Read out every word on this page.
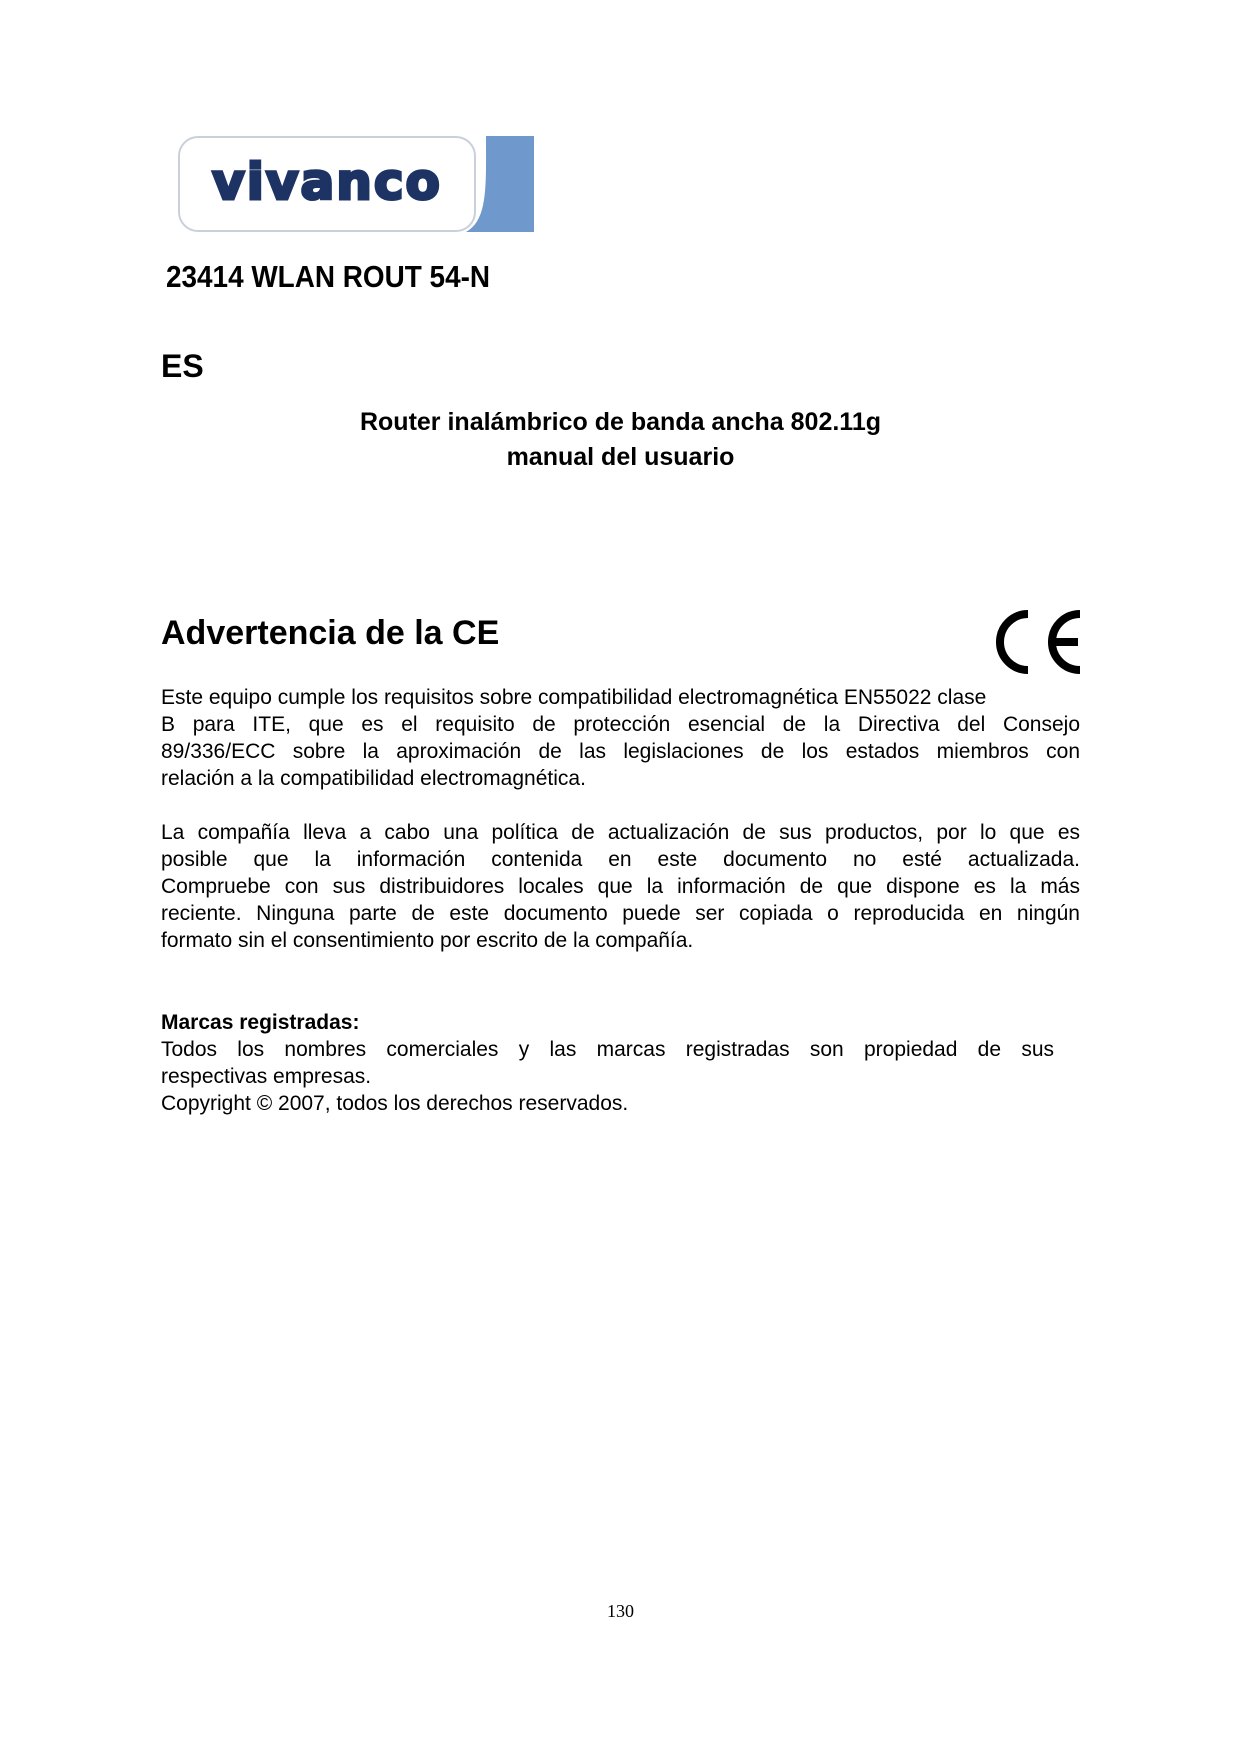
vivanco
23414 WLAN ROUT 54-N
ES
Router inalámbrico de banda ancha 802.11g
manual del usuario
Advertencia de la CE
Este equipo cumple los requisitos sobre compatibilidad electromagnética EN55022 clase
B para ITE, que es el requisito de protección esencial de la Directiva del Consejo
89/336/ECC sobre la aproximación de las legislaciones de los estados miembros con
relación a la compatibilidad electromagnética.
La compañía lleva a cabo una política de actualización de sus productos, por lo que es
posible que la información contenida en este documento no esté actualizada.
Compruebe con sus distribuidores locales que la información de que dispone es la más
reciente. Ninguna parte de este documento puede ser copiada o reproducida en ningún
formato sin el consentimiento por escrito de la compañía.
Marcas registradas:
Todos los nombres comerciales y las marcas registradas son propiedad de sus
respectivas empresas.
Copyright © 2007, todos los derechos reservados.
130
